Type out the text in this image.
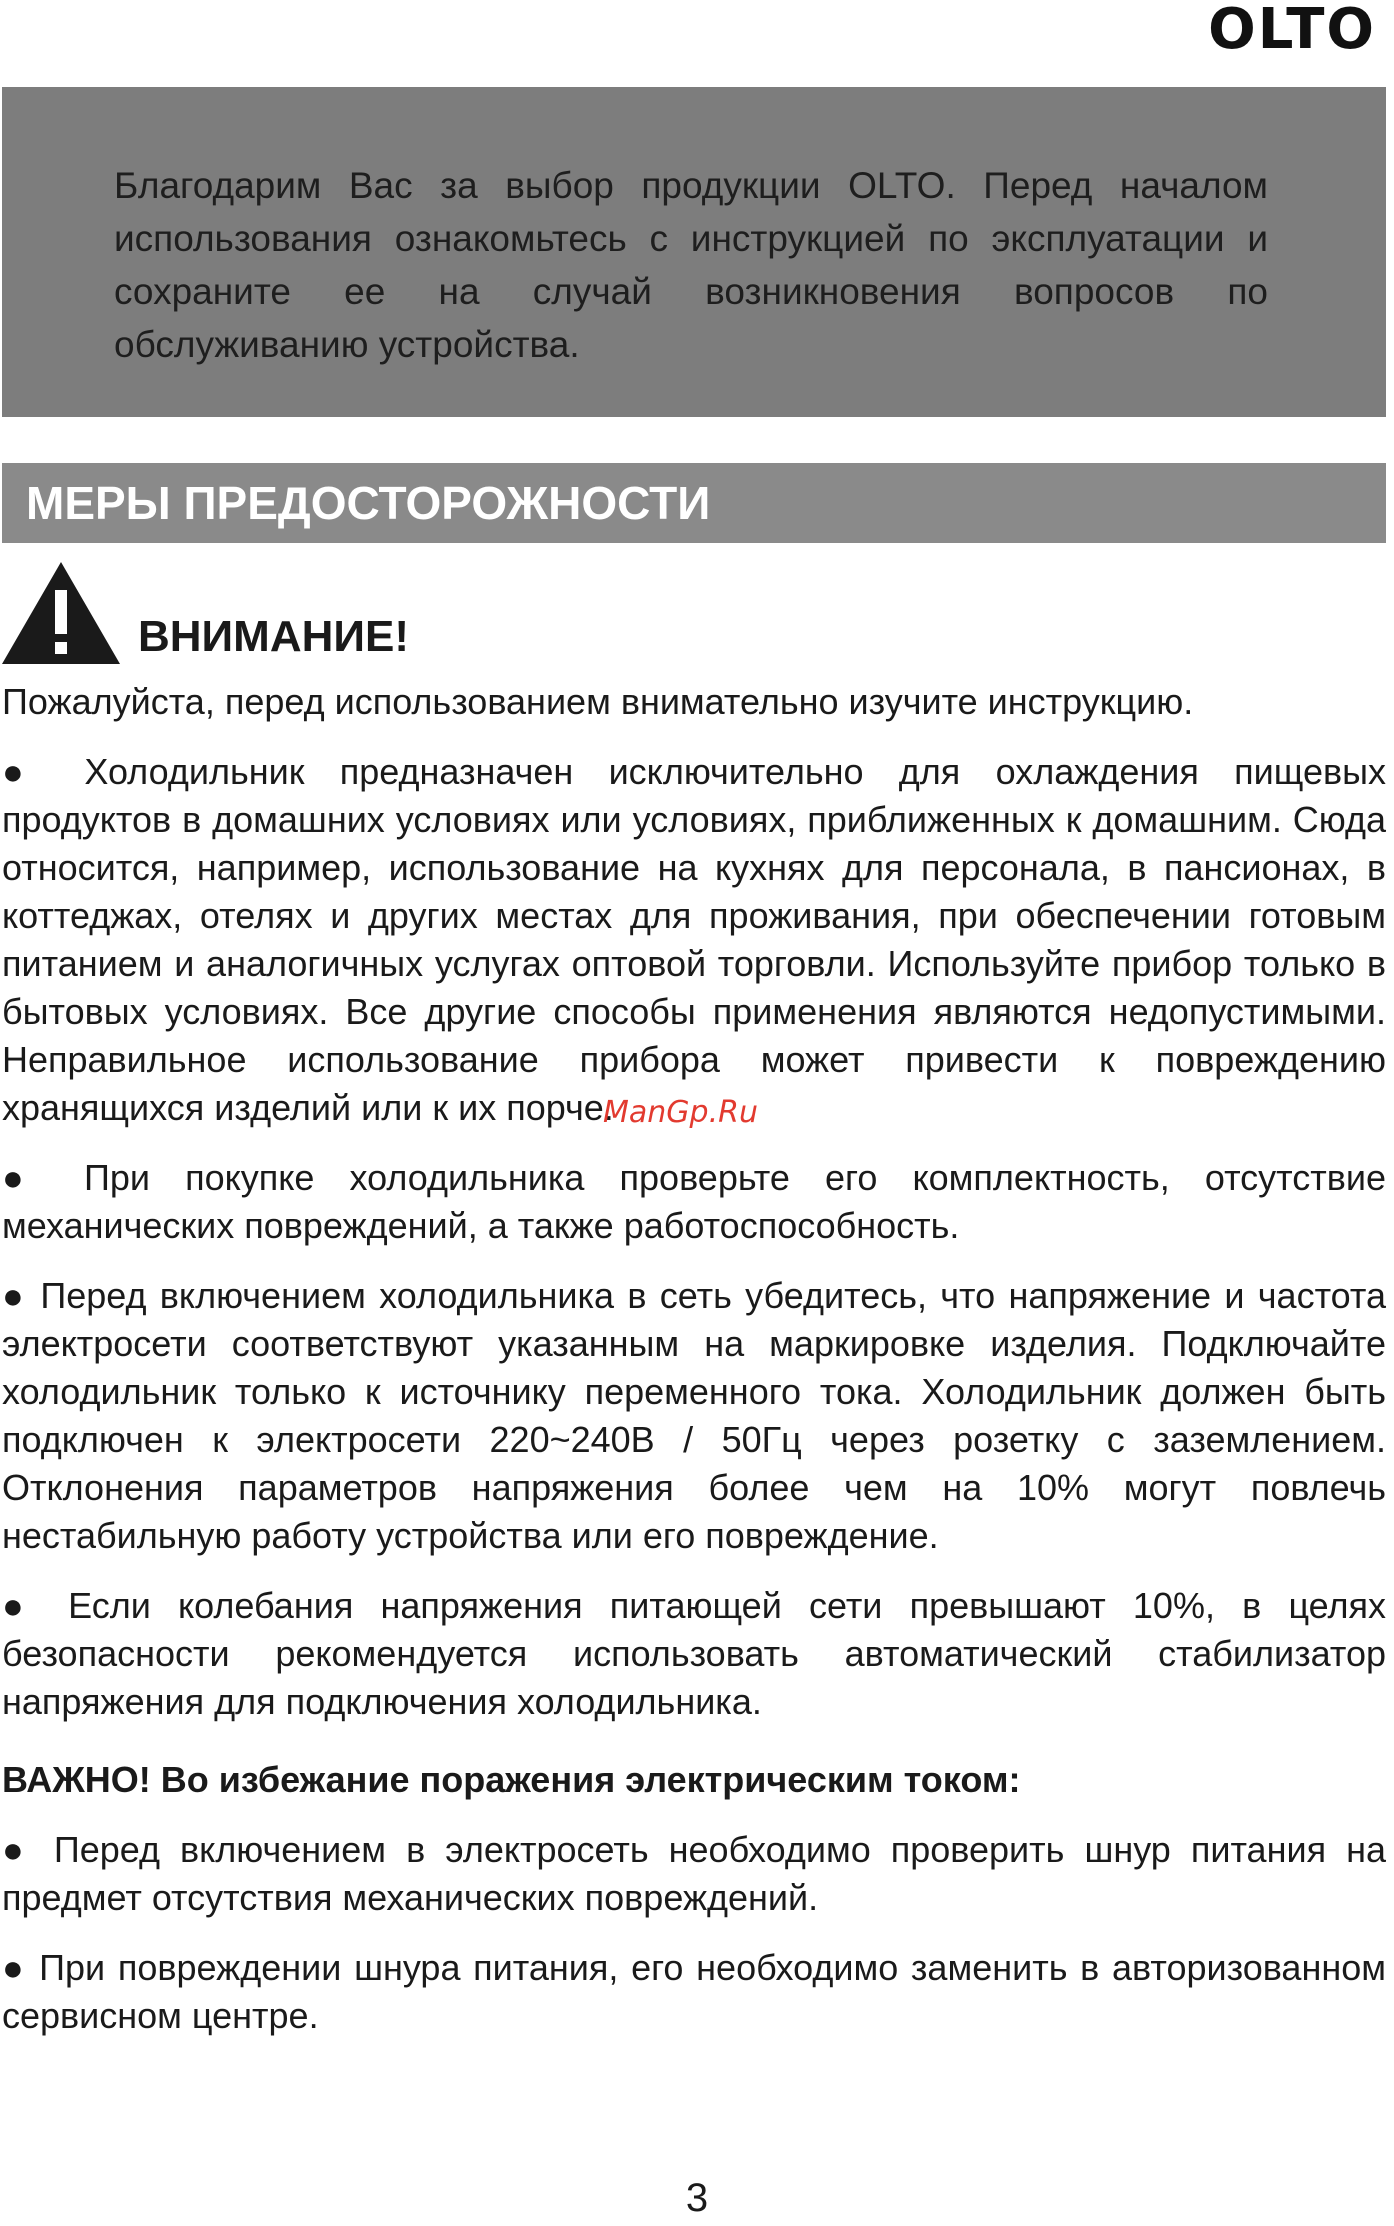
OLTO

Благодарим Вас за выбор продукции OLTO. Перед началом использования ознакомьтесь с инструкцией по эксплуатации и сохраните ее на случай возникновения вопросов по обслуживанию устройства.

МЕРЫ ПРЕДОСТОРОЖНОСТИ
ВНИМАНИЕ!

Пожалуйста, перед использованием внимательно изучите инструкцию.

● Холодильник предназначен исключительно для охлаждения пищевых продуктов в домашних условиях или условиях, приближенных к домашним. Сюда относится, например, использование на кухнях для персонала, в пансионах, в коттеджах, отелях и других местах для проживания, при обеспечении готовым питанием и аналогичных услугах оптовой торговли. Используйте прибор только в бытовых условиях. Все другие способы применения являются недопустимыми. Неправильное использование прибора может привести к повреждению хранящихся изделий или к их порче.

● При покупке холодильника проверьте его комплектность, отсутствие механических повреждений, а также работоспособность.

● Перед включением холодильника в сеть убедитесь, что напряжение и частота электросети соответствуют указанным на маркировке изделия. Подключайте холодильник только к источнику переменного тока. Холодильник должен быть подключен к электросети 220~240В / 50Гц через розетку с заземлением. Отклонения параметров напряжения более чем на 10% могут повлечь нестабильную работу устройства или его повреждение.

● Если колебания напряжения питающей сети превышают 10%, в целях безопасности рекомендуется использовать автоматический стабилизатор напряжения для подключения холодильника.

ВАЖНО! Во избежание поражения электрическим током:

● Перед включением в электросеть необходимо проверить шнур питания на предмет отсутствия механических повреждений.

● При повреждении шнура питания, его необходимо заменить в авторизованном сервисном центре.

ManGp.Ru
3
